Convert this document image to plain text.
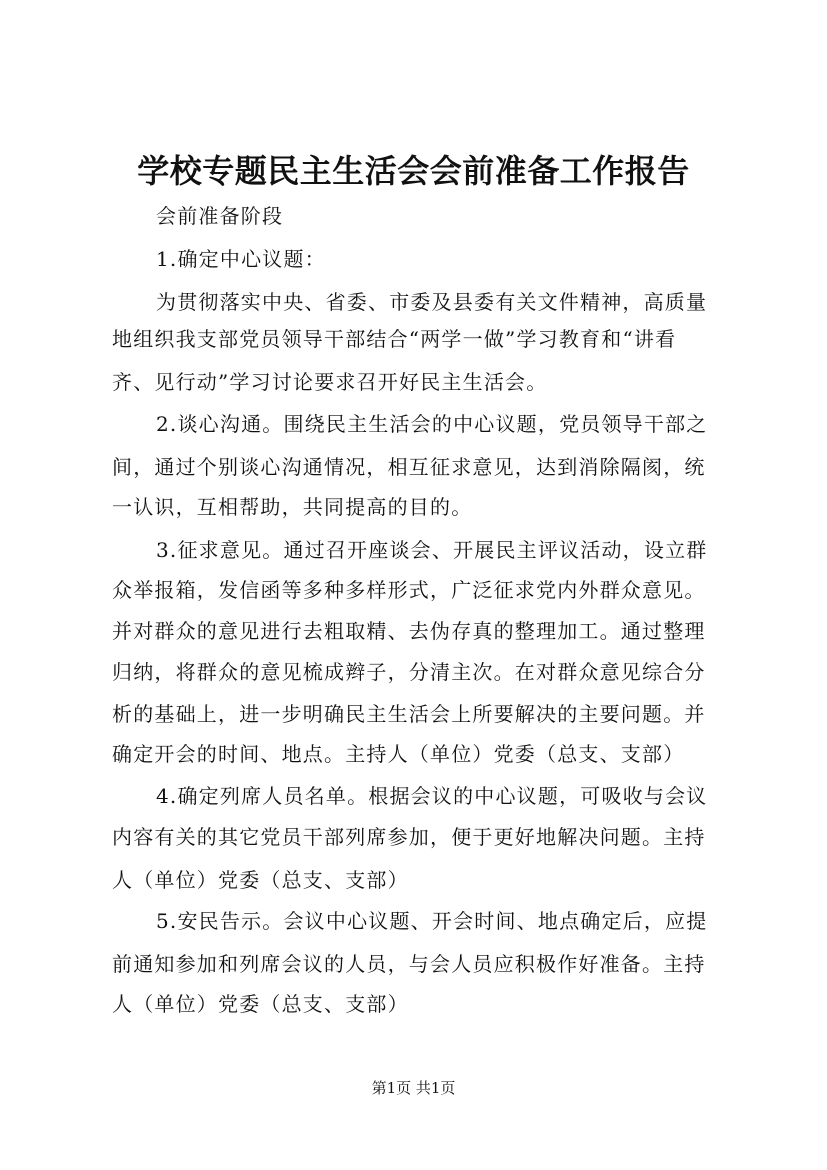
学校专题民主生活会会前准备工作报告
会前准备阶段
1.确定中心议题：
为贯彻落实中央、省委、市委及县委有关文件精神，高质量
地组织我支部党员领导干部结合“两学一做”学习教育和“讲看
齐、见行动”学习讨论要求召开好民主生活会。
2.谈心沟通。围绕民主生活会的中心议题，党员领导干部之
间，通过个别谈心沟通情况，相互征求意见，达到消除隔阂，统
一认识，互相帮助，共同提高的目的。
3.征求意见。通过召开座谈会、开展民主评议活动，设立群
众举报箱，发信函等多种多样形式，广泛征求党内外群众意见。
并对群众的意见进行去粗取精、去伪存真的整理加工。通过整理
归纳，将群众的意见梳成辫子，分清主次。在对群众意见综合分
析的基础上，进一步明确民主生活会上所要解决的主要问题。并
确定开会的时间、地点。主持人（单位）党委（总支、支部）
4.确定列席人员名单。根据会议的中心议题，可吸收与会议
内容有关的其它党员干部列席参加，便于更好地解决问题。主持
人（单位）党委（总支、支部）
5.安民告示。会议中心议题、开会时间、地点确定后，应提
前通知参加和列席会议的人员，与会人员应积极作好准备。主持
人（单位）党委（总支、支部）
第1页 共1页
